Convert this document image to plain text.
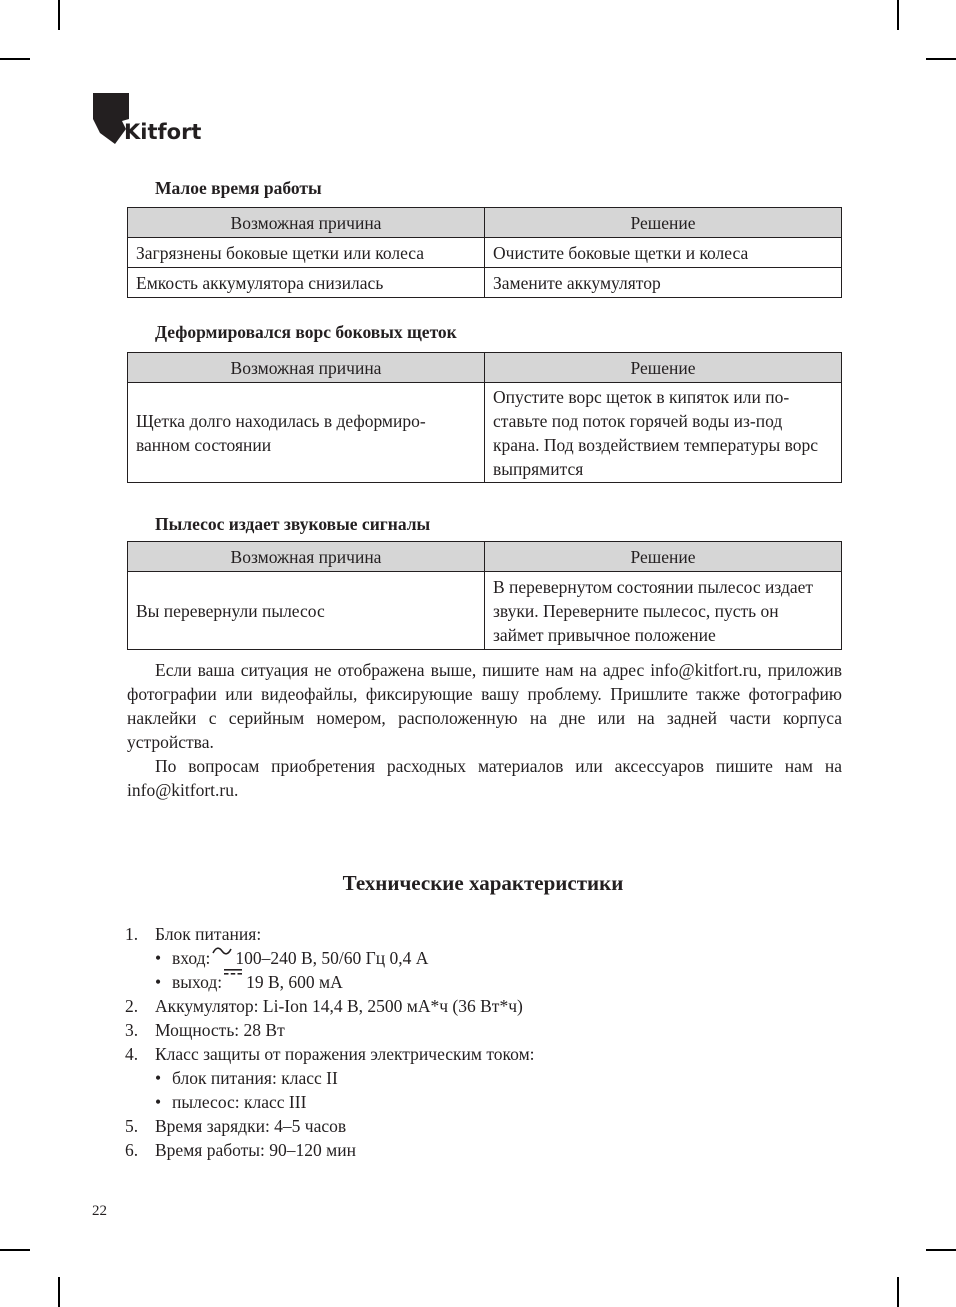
Kitfort
Малое время работы
Возможная причина	Решение
Загрязнены боковые щетки или колеса	Очистите боковые щетки и колеса
Емкость аккумулятора снизилась	Замените аккумулятор
Деформировался ворс боковых щеток
Возможная причина	Решение
Щетка долго находилась в деформиро-ванном состоянии	Опустите ворс щеток в кипяток или по-ставьте под поток горячей воды из-под крана. Под воздействием температуры ворс выпрямится
Пылесос издает звуковые сигналы
Возможная причина	Решение
Вы перевернули пылесос	В перевернутом состоянии пылесос издает звуки. Переверните пылесос, пусть он займет привычное положение

Если ваша ситуация не отображена выше, пишите нам на адрес info@kitfort.ru, приложив фотографии или видеофайлы, фиксирующие вашу проблему. Пришлите также фотографию наклейки с серийным номером, расположенную на дне или на задней части корпуса устройства.

По вопросам приобретения расходных материалов или аксессуаров пишите нам на info@kitfort.ru.

Технические характеристики
1. Блок питания:
• вход: 100–240 В, 50/60 Гц 0,4 А
• выход: 19 В, 600 мА
2. Аккумулятор: Li-Ion 14,4 В, 2500 мА*ч (36 Вт*ч)
3. Мощность: 28 Вт
4. Класс защиты от поражения электрическим током:
• блок питания: класс II
• пылесос: класс III
5. Время зарядки: 4–5 часов
6. Время работы: 90–120 мин
22
